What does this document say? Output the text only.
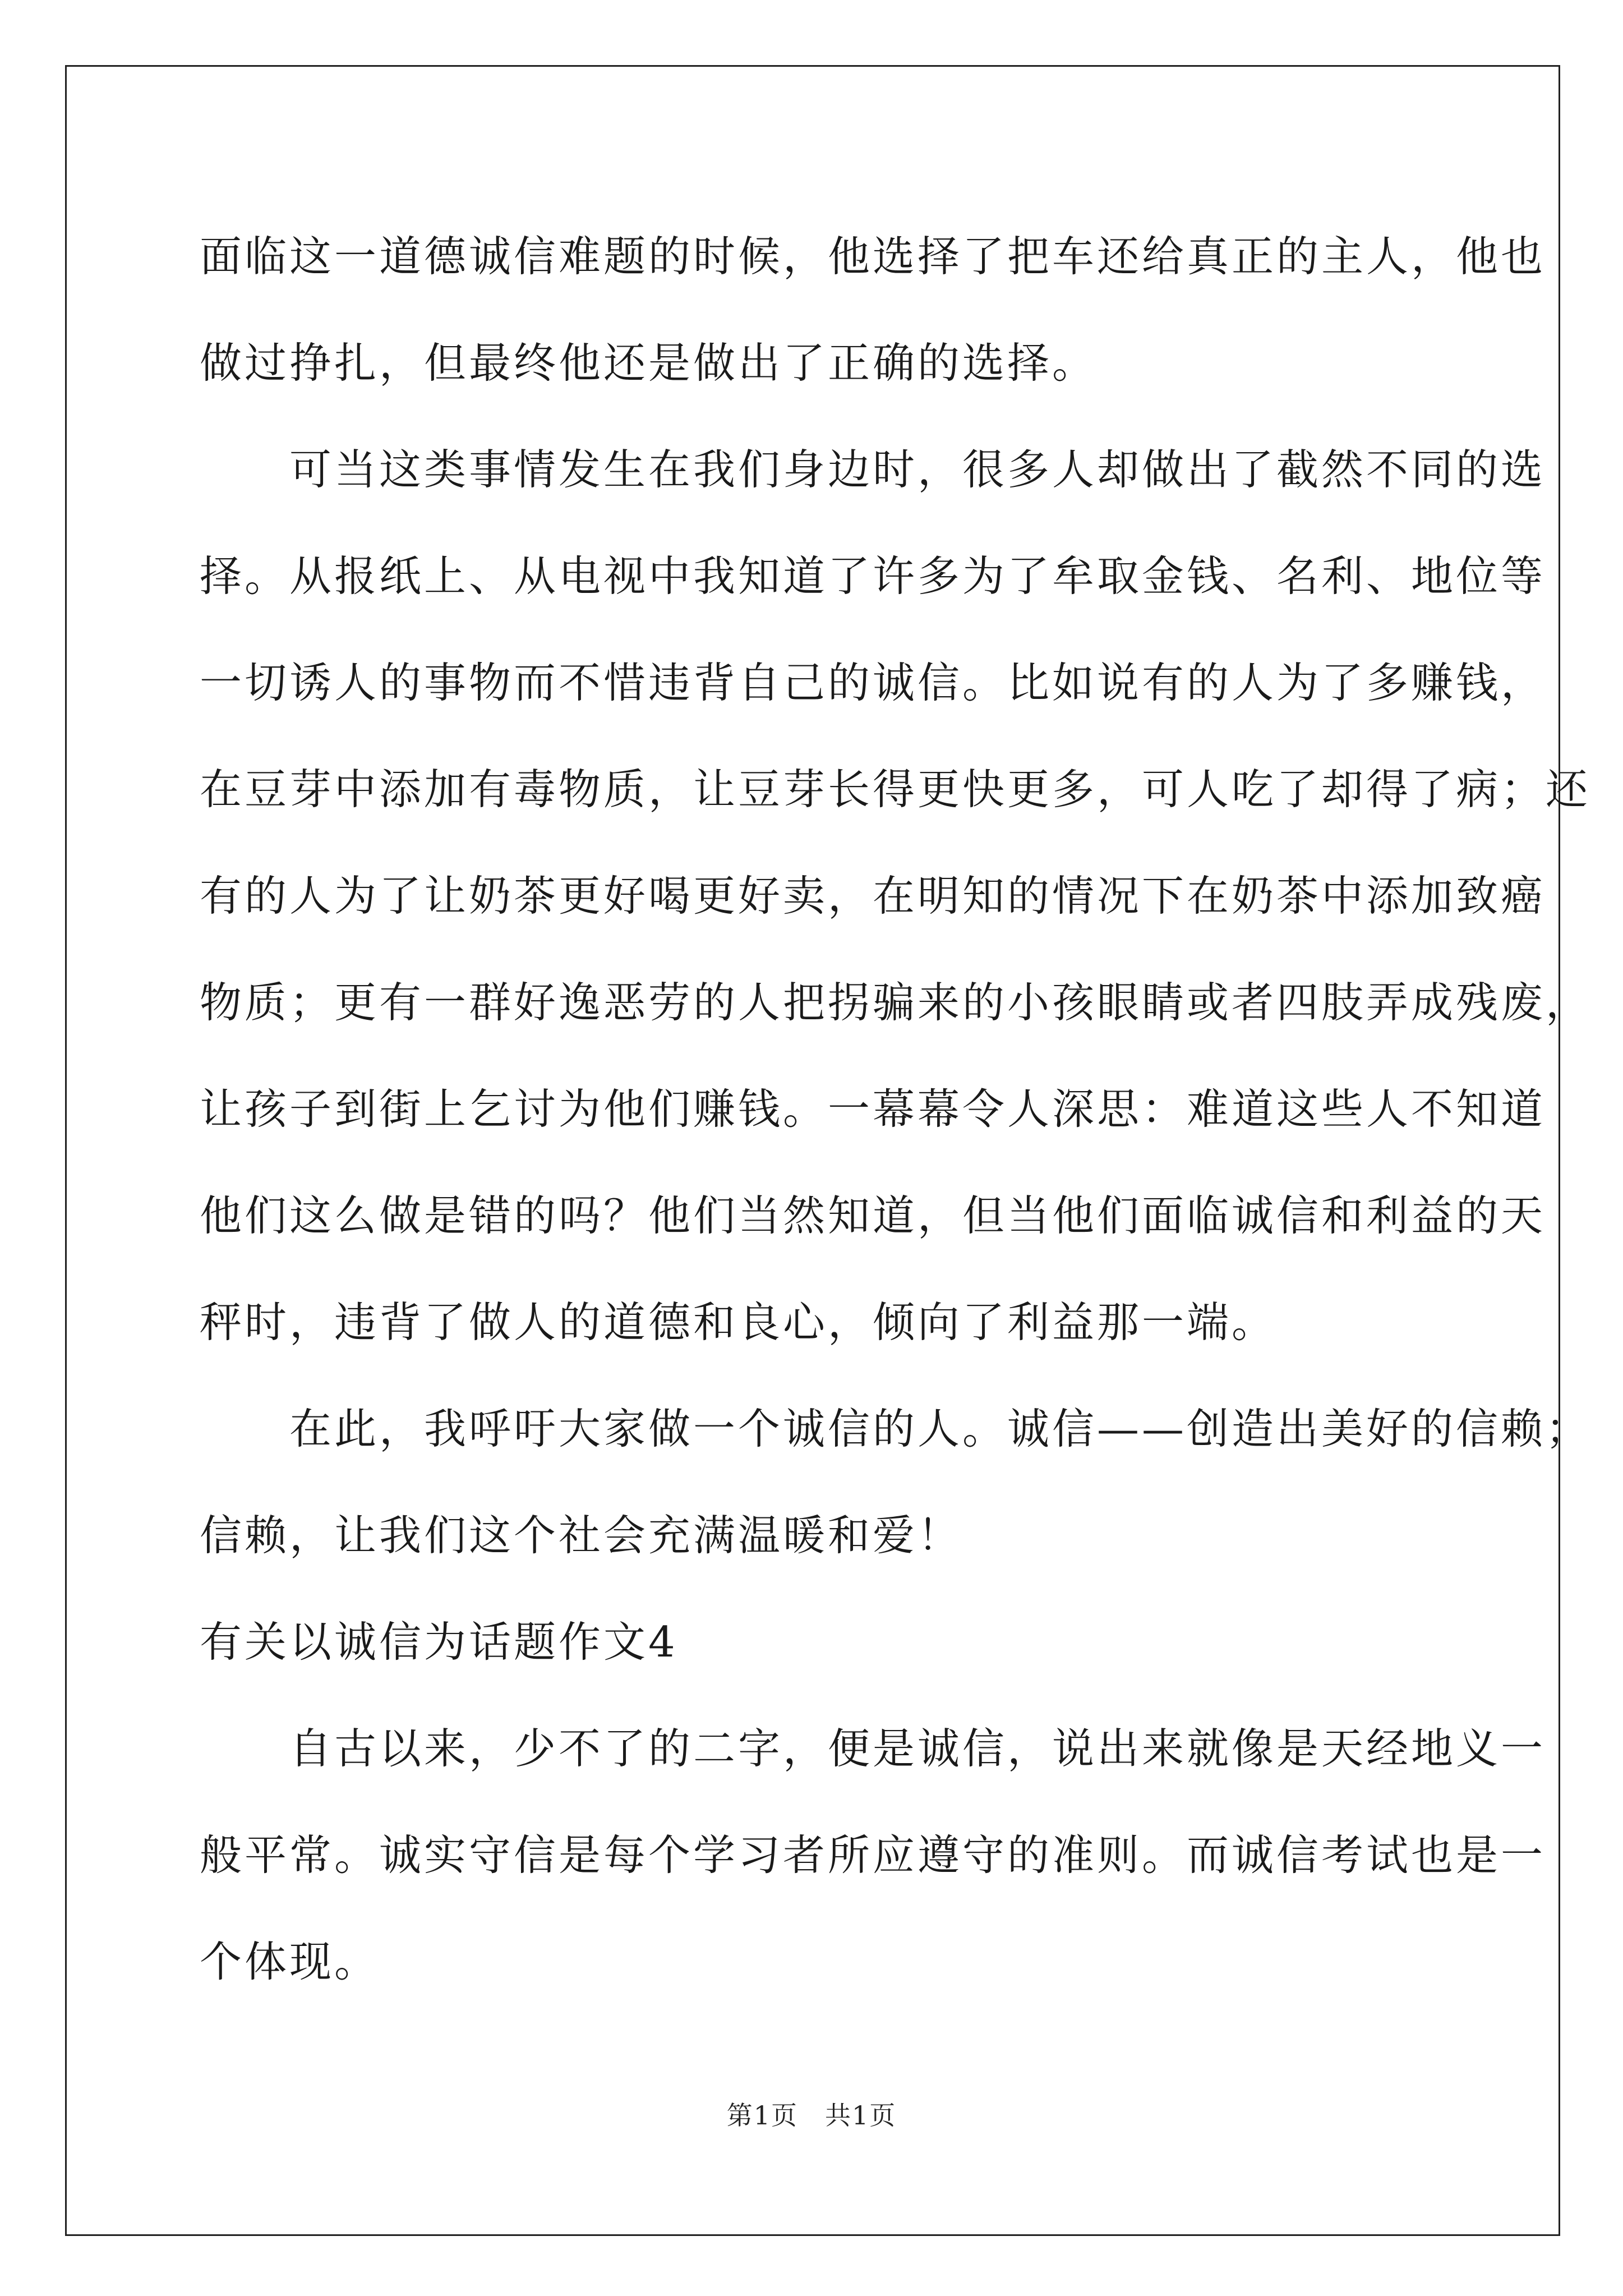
面临这一道德诚信难题的时候，他选择了把车还给真正的主人，他也
做过挣扎，但最终他还是做出了正确的选择。
　　可当这类事情发生在我们身边时，很多人却做出了截然不同的选
择。从报纸上、从电视中我知道了许多为了牟取金钱、名利、地位等
一切诱人的事物而不惜违背自己的诚信。比如说有的人为了多赚钱，
在豆芽中添加有毒物质，让豆芽长得更快更多，可人吃了却得了病；还
有的人为了让奶茶更好喝更好卖，在明知的情况下在奶茶中添加致癌
物质；更有一群好逸恶劳的人把拐骗来的小孩眼睛或者四肢弄成残废，
让孩子到街上乞讨为他们赚钱。一幕幕令人深思：难道这些人不知道
他们这么做是错的吗？他们当然知道，但当他们面临诚信和利益的天
秤时，违背了做人的道德和良心，倾向了利益那一端。
　　在此，我呼吁大家做一个诚信的人。诚信——创造出美好的信赖；
信赖，让我们这个社会充满温暖和爱！
有关以诚信为话题作文4
　　自古以来，少不了的二字，便是诚信，说出来就像是天经地义一
般平常。诚实守信是每个学习者所应遵守的准则。而诚信考试也是一
个体现。
第1页　共1页
